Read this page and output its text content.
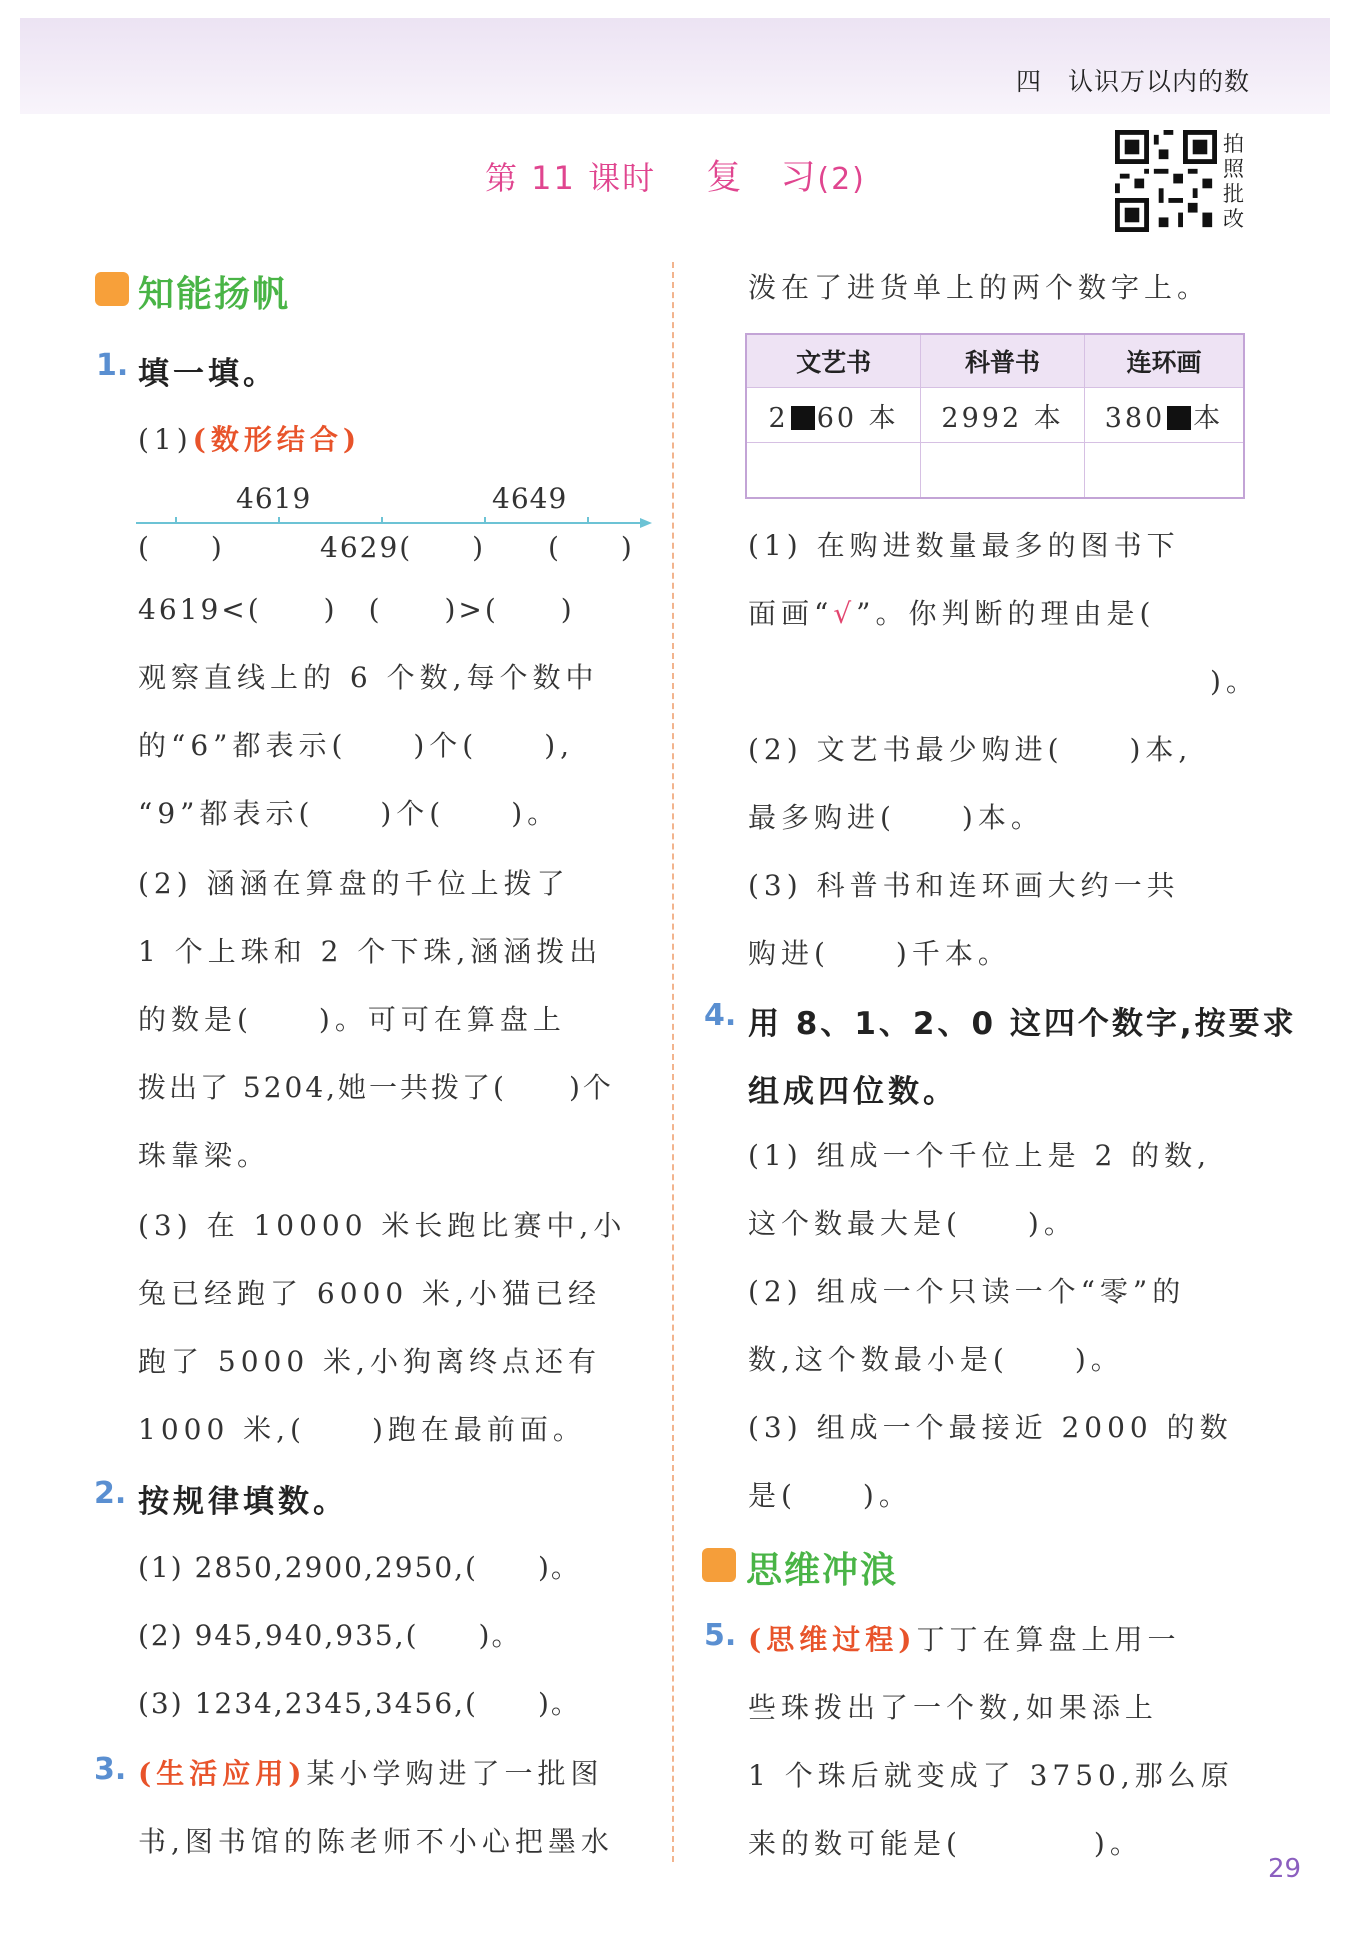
四　认识万以内的数
第 11 课时 复　习(2)
拍照批改
知能扬帆
1. 填一填。
(1)(数形结合)
4619	4649
(　　)	4629(　　) (　　)
4619<(　　)　(　　)>(　　)
观察直线上的 6 个数,每个数中
的“6”都表示(　　)个(　　),
“9”都表示(　　)个(　　)。
(2) 涵涵在算盘的千位上拨了
1 个上珠和 2 个下珠,涵涵拨出
的数是(　　)。可可在算盘上
拨出了 5204,她一共拨了(　　)个
珠靠梁。
(3) 在 10000 米长跑比赛中,小
兔已经跑了 6000 米,小猫已经
跑了 5000 米,小狗离终点还有
1000 米,(　　)跑在最前面。
2. 按规律填数。
(1) 2850,2900,2950,(　　)。
(2) 945,940,935,(　　)。
(3) 1234,2345,3456,(　　)。
3. (生活应用)某小学购进了一批图
书,图书馆的陈老师不小心把墨水
泼在了进货单上的两个数字上。
文艺书	科普书	连环画
2 60 本	2992 本	380 本

(1) 在购进数量最多的图书下
面画“√”。你判断的理由是(
)。
(2) 文艺书最少购进(　　)本,
最多购进(　　)本。
(3) 科普书和连环画大约一共
购进(　　)千本。
4. 用 8、1、2、0 这四个数字,按要求
组成四位数。
(1) 组成一个千位上是 2 的数,
这个数最大是(　　)。
(2) 组成一个只读一个“零”的
数,这个数最小是(　　)。
(3) 组成一个最接近 2000 的数
是(　　)。
思维冲浪
5. (思维过程)丁丁在算盘上用一
些珠拨出了一个数,如果添上
1 个珠后就变成了 3750,那么原
来的数可能是(　　　　)。
29
